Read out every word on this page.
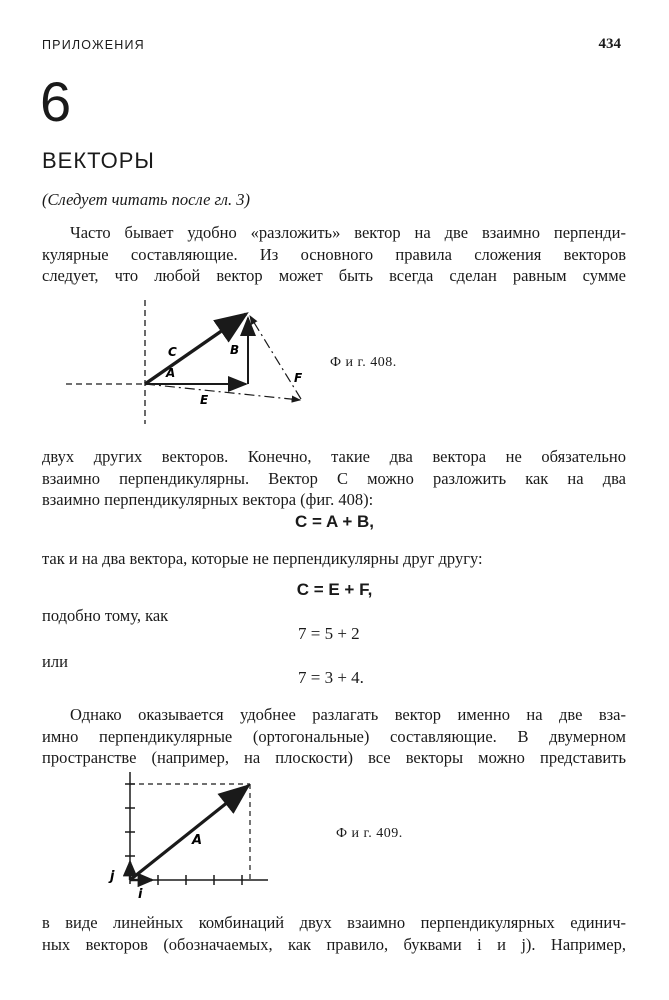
ПРИЛОЖЕНИЯ	434
6
ВЕКТОРЫ
(Следует читать после гл. 3)
Часто бывает удобно «разложить» вектор на две взаимно перпенди-
кулярные составляющие. Из основного правила сложения векторов
следует, что любой вектор может быть всегда сделан равным сумме
C	B
A
E
F
Ф и г. 408.
двух других векторов. Конечно, такие два вектора не обязательно
взаимно перпендикулярны. Вектор C можно разложить как на два
взаимно перпендикулярных вектора (фиг. 408):
C = A + B,
так и на два вектора, которые не перпендикулярны друг другу:
C = E + F,
подобно тому, как
7 = 5 + 2
или
7 = 3 + 4.
Однако оказывается удобнее разлагать вектор именно на две вза-
имно перпендикулярные (ортогональные) составляющие. В двумерном
пространстве (например, на плоскости) все векторы можно представить
A
j
i
Ф и г. 409.
в виде линейных комбинаций двух взаимно перпендикулярных единич-
ных векторов (обозначаемых, как правило, буквами i и j). Например,
